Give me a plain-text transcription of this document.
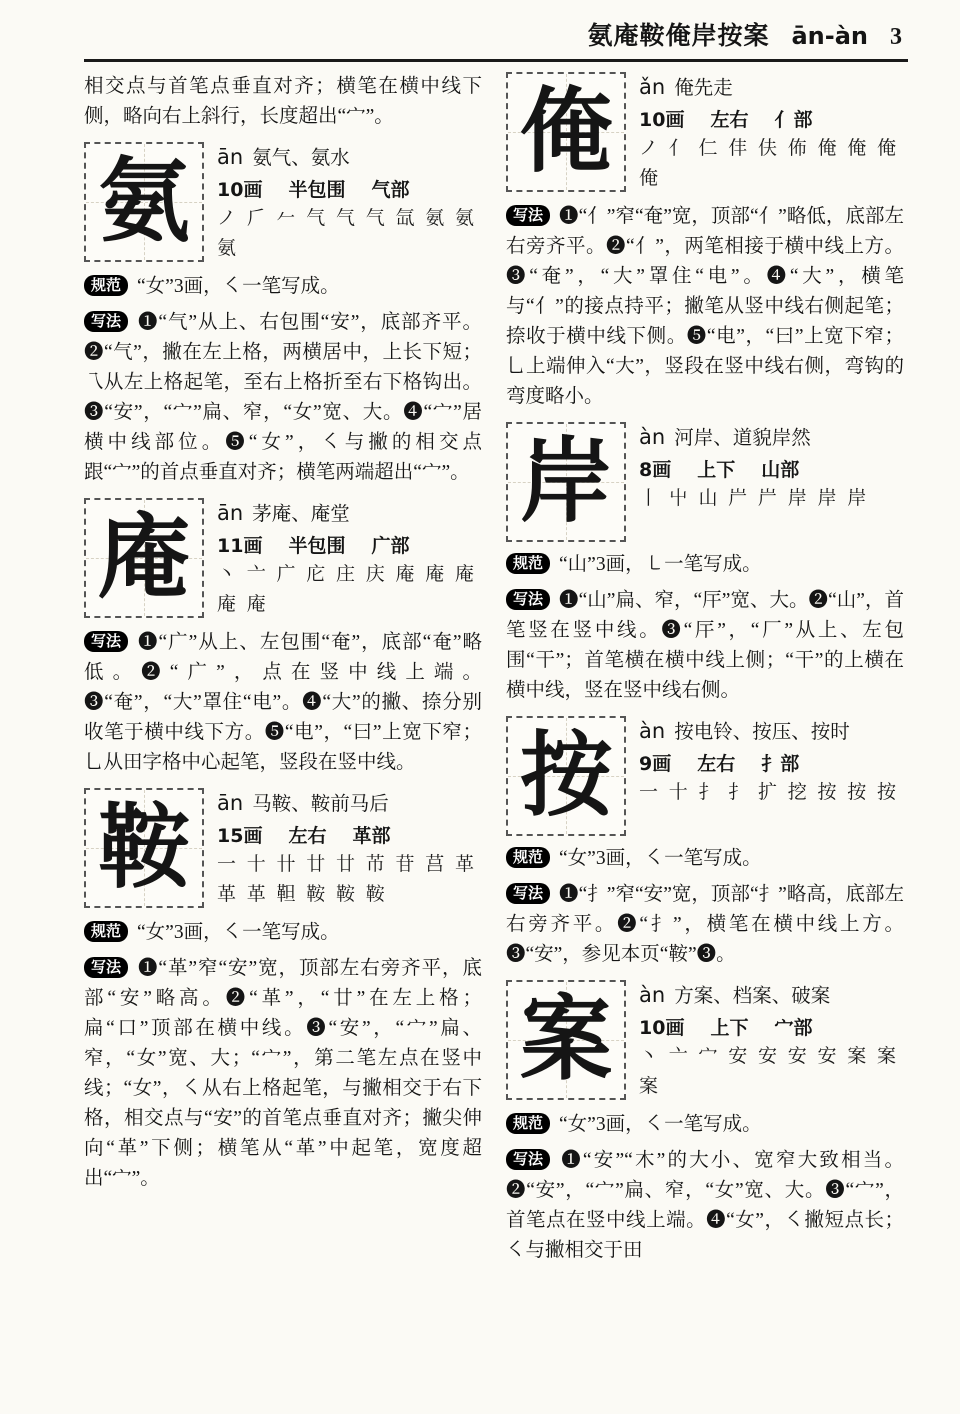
氨庵鞍俺岸按案 ān-àn 3

相交点与首笔点垂直对齐；横笔在横中线下侧，略向右上斜行，长度超出“宀”。

氨 ān 氨气、氨水
10画 半包围 气部
ノ 𠂆 𠂉 气 气 气 氙 氨 氨
氨

规范 “女”3画，㇛一笔写成。

写法 ❶“气”从上、右包围“安”，底部齐平。❷“气”，撇在左上格，两横居中，上长下短；乁从左上格起笔，至右上格折至右下格钩出。❸“安”，“宀”扁、窄，“女”宽、大。❹“宀”居横中线部位。❺“女”，㇛与撇的相交点跟“宀”的首点垂直对齐；横笔两端超出“宀”。

庵 ān 茅庵、庵堂
11画 半包围 广部
丶 亠 广 庀 庄 庆 庵 庵 庵
庵 庵

写法 ❶“广”从上、左包围“奄”，底部“奄”略低。❷“广”，点在竖中线上端。❸“奄”，“大”罩住“电”。❹“大”的撇、捺分别收笔于横中线下方。❺“电”，“曰”上宽下窄；乚从田字格中心起笔，竖段在竖中线。

鞍 ān 马鞍、鞍前马后
15画 左右 革部
一 十 卄 廿 廿 芇 苷 莒 革
革 革 靼 鞍 鞍 鞍

规范 “女”3画，㇛一笔写成。

写法 ❶“革”窄“安”宽，顶部左右旁齐平，底部“安”略高。❷“革”，“廿”在左上格；扁“口”顶部在横中线。❸“安”，“宀”扁、窄，“女”宽、大；“宀”，第二笔左点在竖中线；“女”，㇛从右上格起笔，与撇相交于右下格，相交点与“安”的首笔点垂直对齐；撇尖伸向“革”下侧；横笔从“革”中起笔，宽度超出“宀”。

俺 ǎn 俺先走
10画 左右 亻部
ノ 亻 仁 仹 伕 佈 俺 俺 俺
俺

写法 ❶“亻”窄“奄”宽，顶部“亻”略低，底部左右旁齐平。❷“亻”，两笔相接于横中线上方。❸“奄”，“大”罩住“电”。❹“大”，横笔与“亻”的接点持平；撇笔从竖中线右侧起笔；捺收于横中线下侧。❺“电”，“曰”上宽下窄；乚上端伸入“大”，竖段在竖中线右侧，弯钩的弯度略小。

岸 àn 河岸、道貌岸然
8画 上下 山部
丨 屮 山 屵 屵 岸 岸 岸

规范 “山”3画，㇄一笔写成。

写法 ❶“山”扁、窄，“厈”宽、大。❷“山”，首笔竖在竖中线。❸“厈”，“厂”从上、左包围“干”；首笔横在横中线上侧；“干”的上横在横中线，竖在竖中线右侧。

按 àn 按电铃、按压、按时
9画 左右 扌部
一 十 扌 扌 扩 挖 按 按 按

规范 “女”3画，㇛一笔写成。

写法 ❶“扌”窄“安”宽，顶部“扌”略高，底部左右旁齐平。❷“扌”，横笔在横中线上方。❸“安”，参见本页“鞍”❸。

案 àn 方案、档案、破案
10画 上下 宀部
丶 亠 宀 安 安 安 安 案 案
案

规范 “女”3画，㇛一笔写成。

写法 ❶“安”“木”的大小、宽窄大致相当。❷“安”，“宀”扁、窄，“女”宽、大。❸“宀”，首笔点在竖中线上端。❹“女”，㇛撇短点长；㇛与撇相交于田
